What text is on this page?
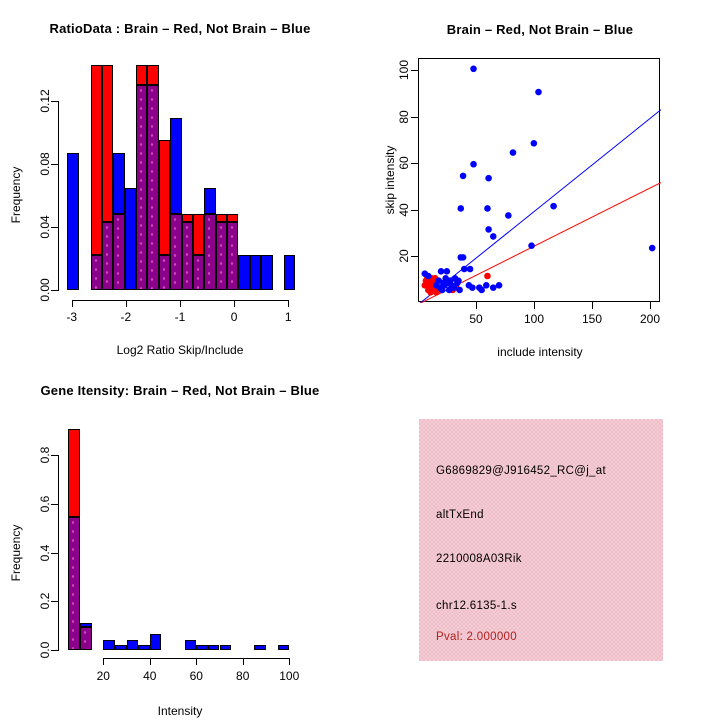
RatioData : Brain – Red, Not Brain – Blue
Frequency
Log2 Ratio Skip/Include
-3	-2	-1	0	1
0.00
0.04
0.08
0.12
Brain – Red, Not Brain – Blue
skip intensity
include intensity
50	100	150	200
20
40
60
80
100
Gene Itensity: Brain – Red, Not Brain – Blue
Frequency
Intensity
20	40	60	80 100
0.0
0.2
0.4
0.6
0.8
G6869829@J916452_RC@j_at
altTxEnd
2210008A03Rik
chr12.6135-1.s
Pval: 2.000000
